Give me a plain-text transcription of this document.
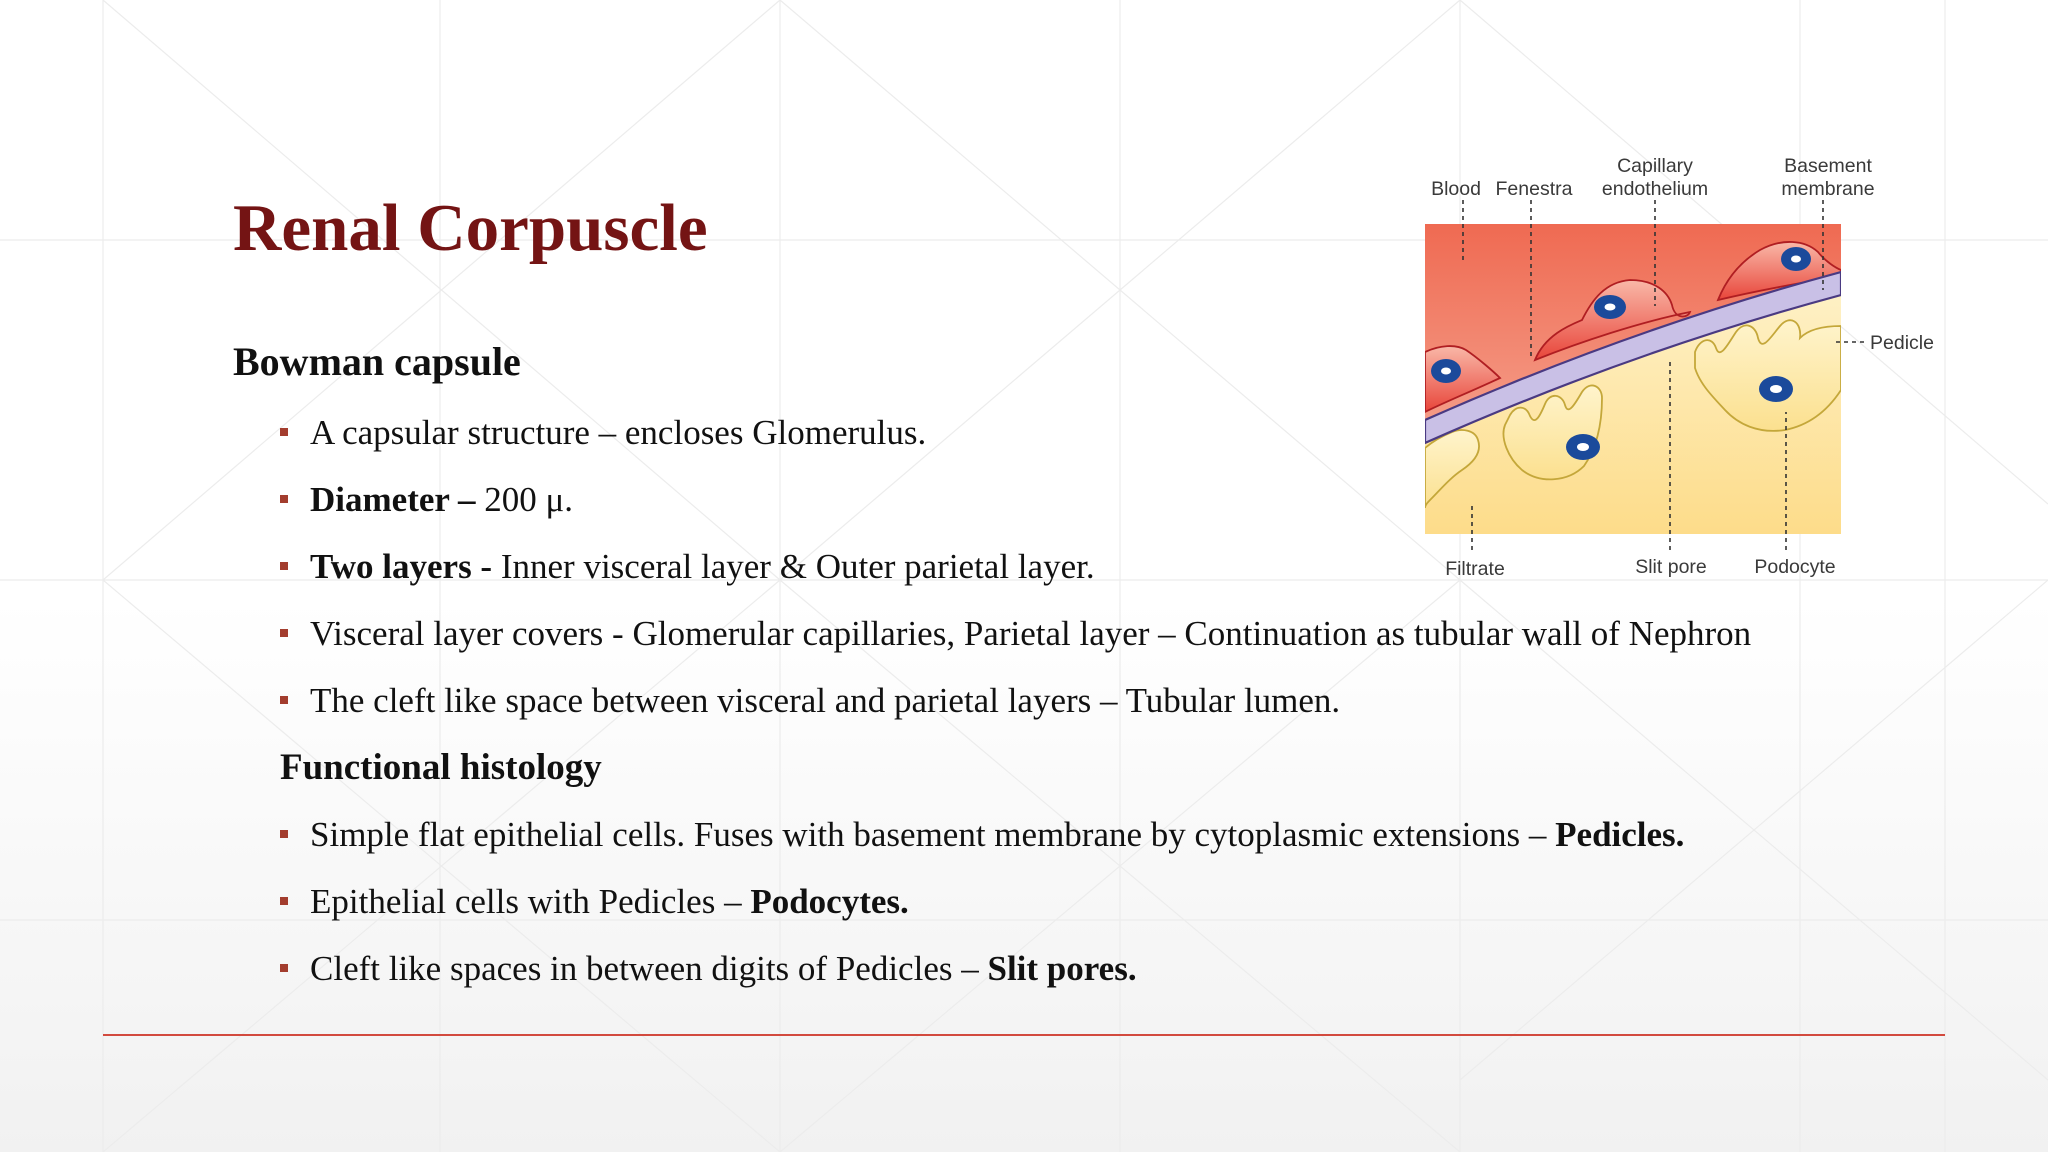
Renal Corpuscle
Bowman capsule
A capsular structure – encloses Glomerulus.
Diameter – 200 μ.
Two layers - Inner visceral layer & Outer parietal layer.
Visceral layer covers - Glomerular capillaries, Parietal layer – Continuation as tubular wall of Nephron
The cleft like space between visceral and parietal layers – Tubular lumen.
Functional histology
Simple flat epithelial cells. Fuses with basement membrane by cytoplasmic extensions – Pedicles.
Epithelial cells with Pedicles – Podocytes.
Cleft like spaces in between digits of Pedicles – Slit pores.
Blood Fenestra
Capillary
endothelium
Basement
membrane
Pedicle
Filtrate	Slit pore Podocyte
